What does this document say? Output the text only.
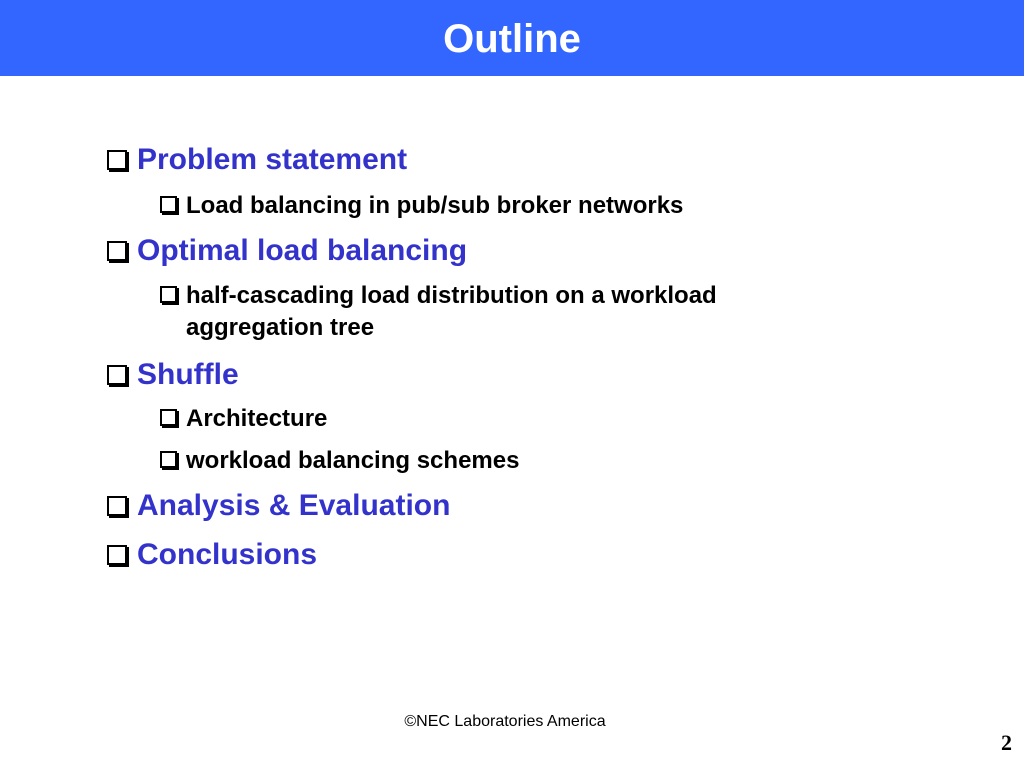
Outline
Problem statement
Load balancing in pub/sub broker networks
Optimal load balancing
half-cascading load distribution on a workload aggregation tree
Shuffle
Architecture
workload balancing schemes
Analysis & Evaluation
Conclusions
©NEC Laboratories America
2
